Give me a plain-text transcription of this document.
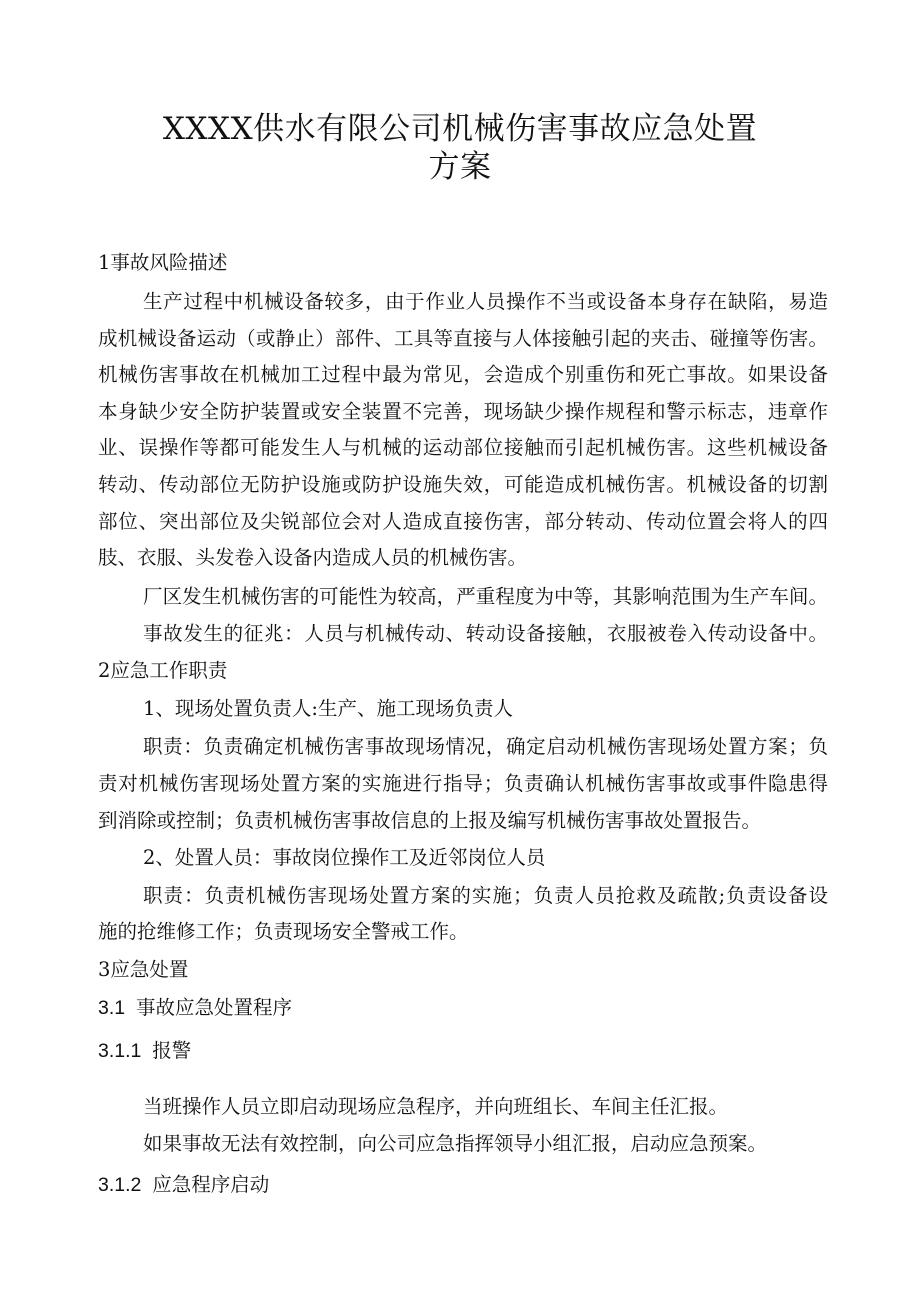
XXXX供水有限公司机械伤害事故应急处置
方案
1事故风险描述
生产过程中机械设备较多，由于作业人员操作不当或设备本身存在缺陷，易造
成机械设备运动（或静止）部件、工具等直接与人体接触引起的夹击、碰撞等伤害。
机械伤害事故在机械加工过程中最为常见，会造成个别重伤和死亡事故。如果设备
本身缺少安全防护装置或安全装置不完善，现场缺少操作规程和警示标志，违章作
业、误操作等都可能发生人与机械的运动部位接触而引起机械伤害。这些机械设备
转动、传动部位无防护设施或防护设施失效，可能造成机械伤害。机械设备的切割
部位、突出部位及尖锐部位会对人造成直接伤害，部分转动、传动位置会将人的四
肢、衣服、头发卷入设备内造成人员的机械伤害。
厂区发生机械伤害的可能性为较高，严重程度为中等，其影响范围为生产车间。
事故发生的征兆：人员与机械传动、转动设备接触，衣服被卷入传动设备中。
2应急工作职责
1、现场处置负责人:生产、施工现场负责人
职责：负责确定机械伤害事故现场情况，确定启动机械伤害现场处置方案；负
责对机械伤害现场处置方案的实施进行指导；负责确认机械伤害事故或事件隐患得
到消除或控制；负责机械伤害事故信息的上报及编写机械伤害事故处置报告。
2、处置人员：事故岗位操作工及近邻岗位人员
职责：负责机械伤害现场处置方案的实施；负责人员抢救及疏散;负责设备设
施的抢维修工作；负责现场安全警戒工作。
3应急处置
3.1  事故应急处置程序
3.1.1  报警
当班操作人员立即启动现场应急程序，并向班组长、车间主任汇报。
如果事故无法有效控制，向公司应急指挥领导小组汇报，启动应急预案。
3.1.2  应急程序启动
